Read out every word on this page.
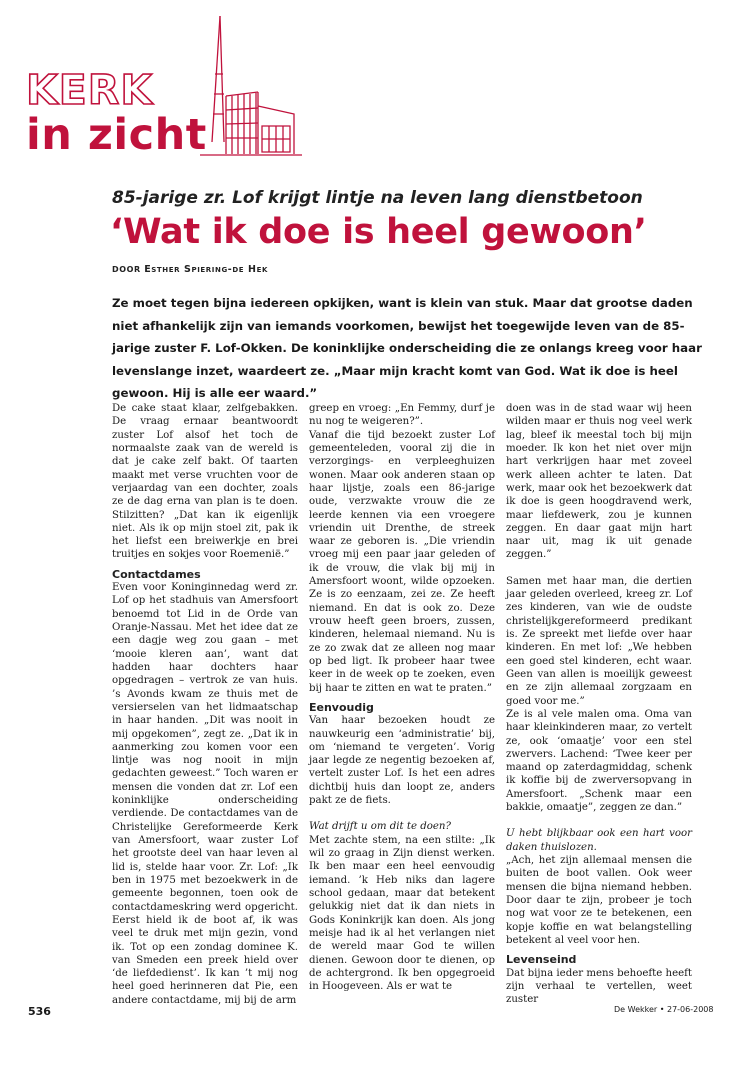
KERK
in zicht
85-jarige zr. Lof krijgt lintje na leven lang dienstbetoon
‘Wat ik doe is heel gewoon’
DOOR Esther Spiering-de Hek
Ze moet tegen bijna iedereen opkijken, want is klein van stuk. Maar dat grootse daden niet afhankelijk zijn van iemands voorkomen, bewijst het toegewijde leven van de 85-jarige zuster F. Lof-Okken. De koninklijke onderscheiding die ze onlangs kreeg voor haar levenslange inzet, waardeert ze. „Maar mijn kracht komt van God. Wat ik doe is heel gewoon. Hij is alle eer waard.”

De cake staat klaar, zelfgebakken. De vraag ernaar beantwoordt zuster Lof alsof het toch de normaalste zaak van de wereld is dat je cake zelf bakt. Of taarten maakt met verse vruchten voor de verjaardag van een dochter, zoals ze de dag erna van plan is te doen. Stilzitten? „Dat kan ik eigenlijk niet. Als ik op mijn stoel zit, pak ik het liefst een breiwerkje en brei truitjes en sokjes voor Roemenië.”

Contactdames

Even voor Koninginnedag werd zr. Lof op het stadhuis van Amersfoort benoemd tot Lid in de Orde van Oranje-Nassau. Met het idee dat ze een dagje weg zou gaan – met ‘mooie kleren aan’, want dat hadden haar dochters haar opgedragen – vertrok ze van huis. ’s Avonds kwam ze thuis met de versierselen van het lidmaatschap in haar handen. „Dit was nooit in mij opgekomen”, zegt ze. „Dat ik in aanmerking zou komen voor een lintje was nog nooit in mijn gedachten geweest.” Toch waren er mensen die vonden dat zr. Lof een koninklijke onderscheiding verdiende. De contactdames van de Christelijke Gereformeerde Kerk van Amersfoort, waar zuster Lof het grootste deel van haar leven al lid is, stelde haar voor. Zr. Lof: „Ik ben in 1975 met bezoekwerk in de gemeente begonnen, toen ook de contactdameskring werd opgericht. Eerst hield ik de boot af, ik was veel te druk met mijn gezin, vond ik. Tot op een zondag dominee K. van Smeden een preek hield over ‘de liefdedienst’. Ik kan ’t mij nog heel goed herinneren dat Pie, een andere contactdame, mij bij de arm

greep en vroeg: „En Femmy, durf je nu nog te weigeren?”.

Vanaf die tijd bezoekt zuster Lof gemeenteleden, vooral zij die in verzorgings- en verpleeghuizen wonen. Maar ook anderen staan op haar lijstje, zoals een 86-jarige oude, verzwakte vrouw die ze leerde kennen via een vroegere vriendin uit Drenthe, de streek waar ze geboren is. „Die vriendin vroeg mij een paar jaar geleden of ik de vrouw, die vlak bij mij in Amersfoort woont, wilde opzoeken. Ze is zo eenzaam, zei ze. Ze heeft niemand. En dat is ook zo. Deze vrouw heeft geen broers, zussen, kinderen, helemaal niemand. Nu is ze zo zwak dat ze alleen nog maar op bed ligt. Ik probeer haar twee keer in de week op te zoeken, even bij haar te zitten en wat te praten.”

Eenvoudig

Van haar bezoeken houdt ze nauwkeurig een ‘administratie’ bij, om ‘niemand te vergeten’. Vorig jaar legde ze negentig bezoeken af, vertelt zuster Lof. Is het een adres dichtbij huis dan loopt ze, anders pakt ze de fiets.

Wat drijft u om dit te doen?

Met zachte stem, na een stilte: „Ik wil zo graag in Zijn dienst werken. Ik ben maar een heel eenvoudig iemand. ’k Heb niks dan lagere school gedaan, maar dat betekent gelukkig niet dat ik dan niets in Gods Koninkrijk kan doen. Als jong meisje had ik al het verlangen niet de wereld maar God te willen dienen. Gewoon door te dienen, op de achtergrond. Ik ben opgegroeid in Hoogeveen. Als er wat te

doen was in de stad waar wij heen wilden maar er thuis nog veel werk lag, bleef ik meestal toch bij mijn moeder. Ik kon het niet over mijn hart verkrijgen haar met zoveel werk alleen achter te laten. Dat werk, maar ook het bezoekwerk dat ik doe is geen hoogdravend werk, maar liefdewerk, zou je kunnen zeggen. En daar gaat mijn hart naar uit, mag ik uit genade zeggen.”

Samen met haar man, die dertien jaar geleden overleed, kreeg zr. Lof zes kinderen, van wie de oudste christelijkgereformeerd predikant is. Ze spreekt met liefde over haar kinderen. En met lof: „We hebben een goed stel kinderen, echt waar. Geen van allen is moeilijk geweest en ze zijn allemaal zorgzaam en goed voor me.”

Ze is al vele malen oma. Oma van haar kleinkinderen maar, zo vertelt ze, ook ‘omaatje’ voor een stel zwervers. Lachend: ‘Twee keer per maand op zaterdagmiddag, schenk ik koffie bij de zwerversopvang in Amersfoort. „Schenk maar een bakkie, omaatje”, zeggen ze dan.”

U hebt blijkbaar ook een hart voor daken thuislozen.

„Ach, het zijn allemaal mensen die buiten de boot vallen. Ook weer mensen die bijna niemand hebben. Door daar te zijn, probeer je toch nog wat voor ze te betekenen, een kopje koffie en wat belangstelling betekent al veel voor hen.

Levenseind

Dat bijna ieder mens behoefte heeft zijn verhaal te vertellen, weet zuster

536	De Wekker • 27-06-2008
